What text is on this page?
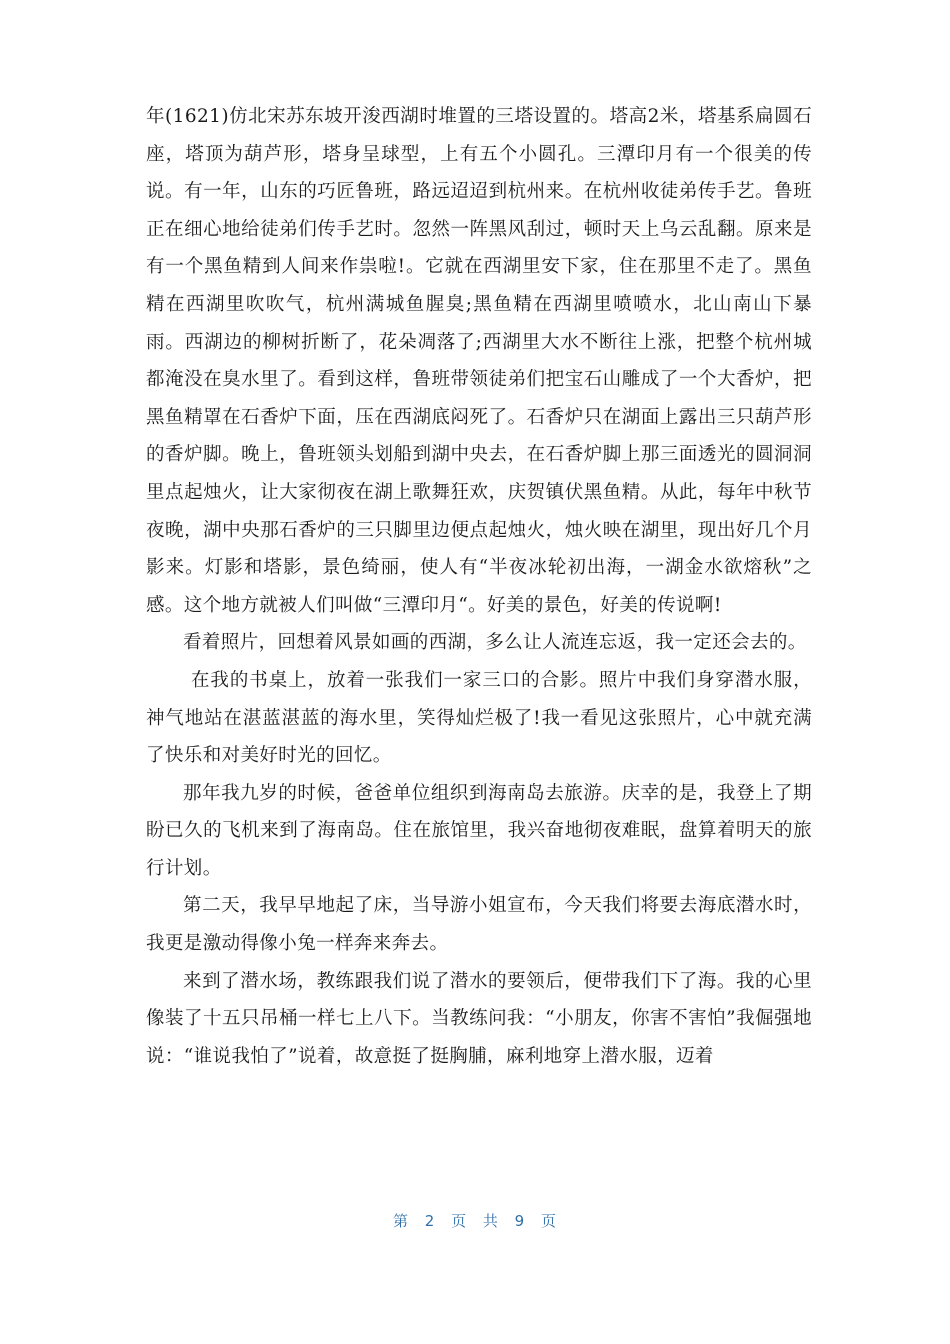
年(1621)仿北宋苏东坡开浚西湖时堆置的三塔设置的。塔高2米，塔基系扁圆石座，塔顶为葫芦形，塔身呈球型，上有五个小圆孔。三潭印月有一个很美的传说。有一年，山东的巧匠鲁班，路远迢迢到杭州来。在杭州收徒弟传手艺。鲁班正在细心地给徒弟们传手艺时。忽然一阵黑风刮过，顿时天上乌云乱翻。原来是有一个黑鱼精到人间来作祟啦!。它就在西湖里安下家，住在那里不走了。黑鱼精在西湖里吹吹气，杭州满城鱼腥臭;黑鱼精在西湖里喷喷水，北山南山下暴雨。西湖边的柳树折断了，花朵凋落了;西湖里大水不断往上涨，把整个杭州城都淹没在臭水里了。看到这样，鲁班带领徒弟们把宝石山雕成了一个大香炉，把黑鱼精罩在石香炉下面，压在西湖底闷死了。石香炉只在湖面上露出三只葫芦形的香炉脚。晚上，鲁班领头划船到湖中央去，在石香炉脚上那三面透光的圆洞洞里点起烛火，让大家彻夜在湖上歌舞狂欢，庆贺镇伏黑鱼精。从此，每年中秋节夜晚，湖中央那石香炉的三只脚里边便点起烛火，烛火映在湖里，现出好几个月影来。灯影和塔影，景色绮丽，使人有“半夜冰轮初出海，一湖金水欲熔秋”之感。这个地方就被人们叫做“三潭印月“。好美的景色，好美的传说啊!

看着照片，回想着风景如画的西湖，多么让人流连忘返，我一定还会去的。

在我的书桌上，放着一张我们一家三口的合影。照片中我们身穿潜水服，神气地站在湛蓝湛蓝的海水里，笑得灿烂极了!我一看见这张照片，心中就充满了快乐和对美好时光的回忆。

那年我九岁的时候，爸爸单位组织到海南岛去旅游。庆幸的是，我登上了期盼已久的飞机来到了海南岛。住在旅馆里，我兴奋地彻夜难眠，盘算着明天的旅行计划。

第二天，我早早地起了床，当导游小姐宣布，今天我们将要去海底潜水时，我更是激动得像小兔一样奔来奔去。

来到了潜水场，教练跟我们说了潜水的要领后，便带我们下了海。我的心里像装了十五只吊桶一样七上八下。当教练问我：“小朋友，你害不害怕”我倔强地说：“谁说我怕了”说着，故意挺了挺胸脯，麻利地穿上潜水服，迈着

第 2 页 共 9 页
